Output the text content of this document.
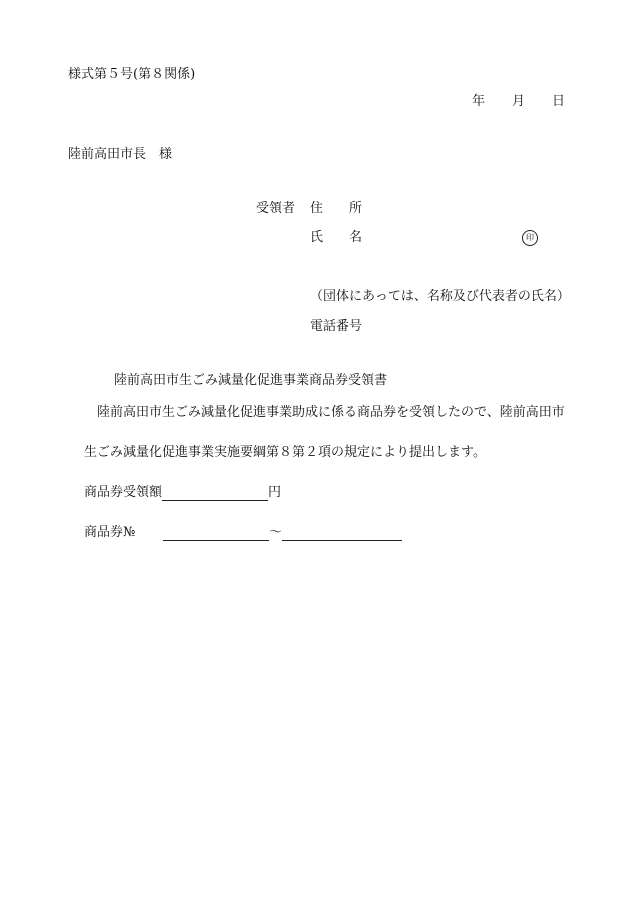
様式第５号(第８関係)
年 月 日
陸前高田市長　様
受領者 住 所
氏 名	印
（団体にあっては、名称及び代表者の氏名）
電話番号
陸前高田市生ごみ減量化促進事業商品券受領書
陸前高田市生ごみ減量化促進事業助成に係る商品券を受領したので、陸前高田市
生ごみ減量化促進事業実施要綱第８第２項の規定により提出します。
商品券受領額	円
商品券№	～
